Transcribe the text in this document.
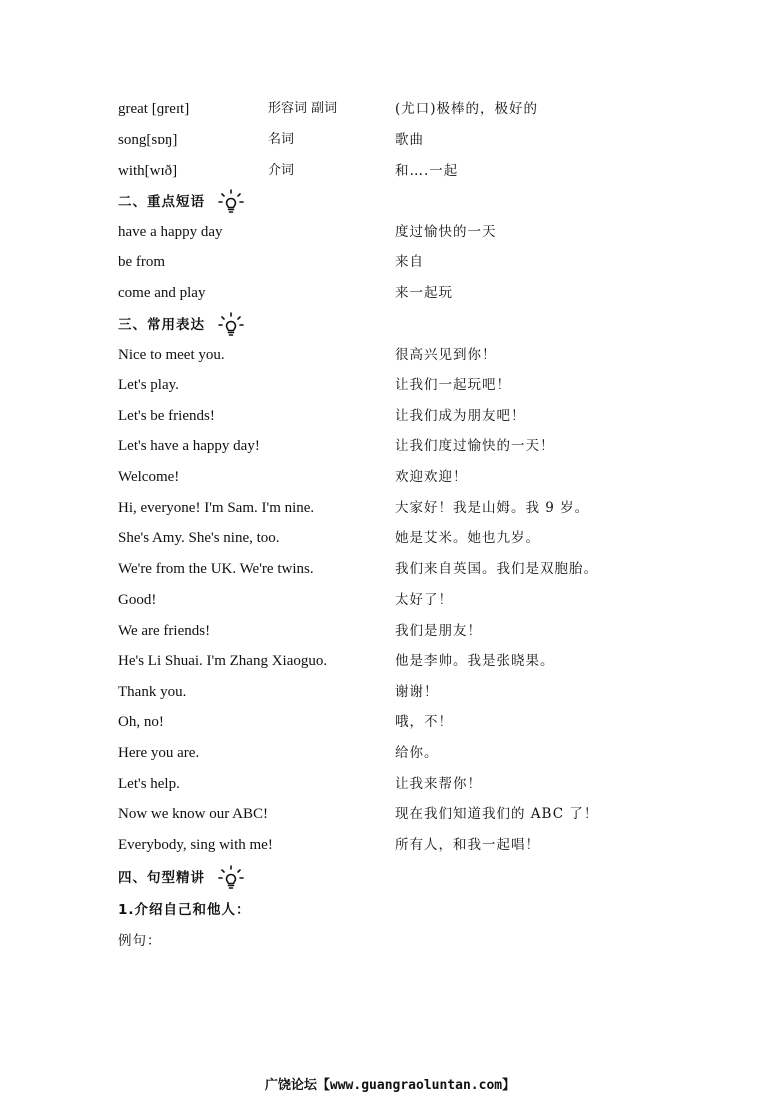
great [ɡreɪt]	形容词 副词	(尤口)极棒的，极好的
song[sɒŋ]	名词	歌曲
with[wɪð]	介词	和….一起
二、重点短语
have a happy day	度过愉快的一天
be from	来自
come and play	来一起玩
三、常用表达
Nice to meet you.	很高兴见到你！
Let's play.	让我们一起玩吧！
Let's be friends!	让我们成为朋友吧！
Let's have a happy day!	让我们度过愉快的一天！
Welcome!	欢迎欢迎！
Hi, everyone! I'm Sam. I'm nine.	大家好！我是山姆。我 9 岁。
She's Amy. She's nine, too.	她是艾米。她也九岁。
We're from the UK. We're twins.	我们来自英国。我们是双胞胎。
Good!	太好了！
We are friends!	我们是朋友！
He's Li Shuai. I'm Zhang Xiaoguo.	他是李帅。我是张晓果。
Thank you.	谢谢！
Oh, no!	哦，不！
Here you are.	给你。
Let's help.	让我来帮你！
Now we know our ABC!	现在我们知道我们的 ABC 了！
Everybody, sing with me!	所有人，和我一起唱！
四、句型精讲
1.介绍自己和他人：
例句：
广饶论坛【www.guangraoluntan.com】
